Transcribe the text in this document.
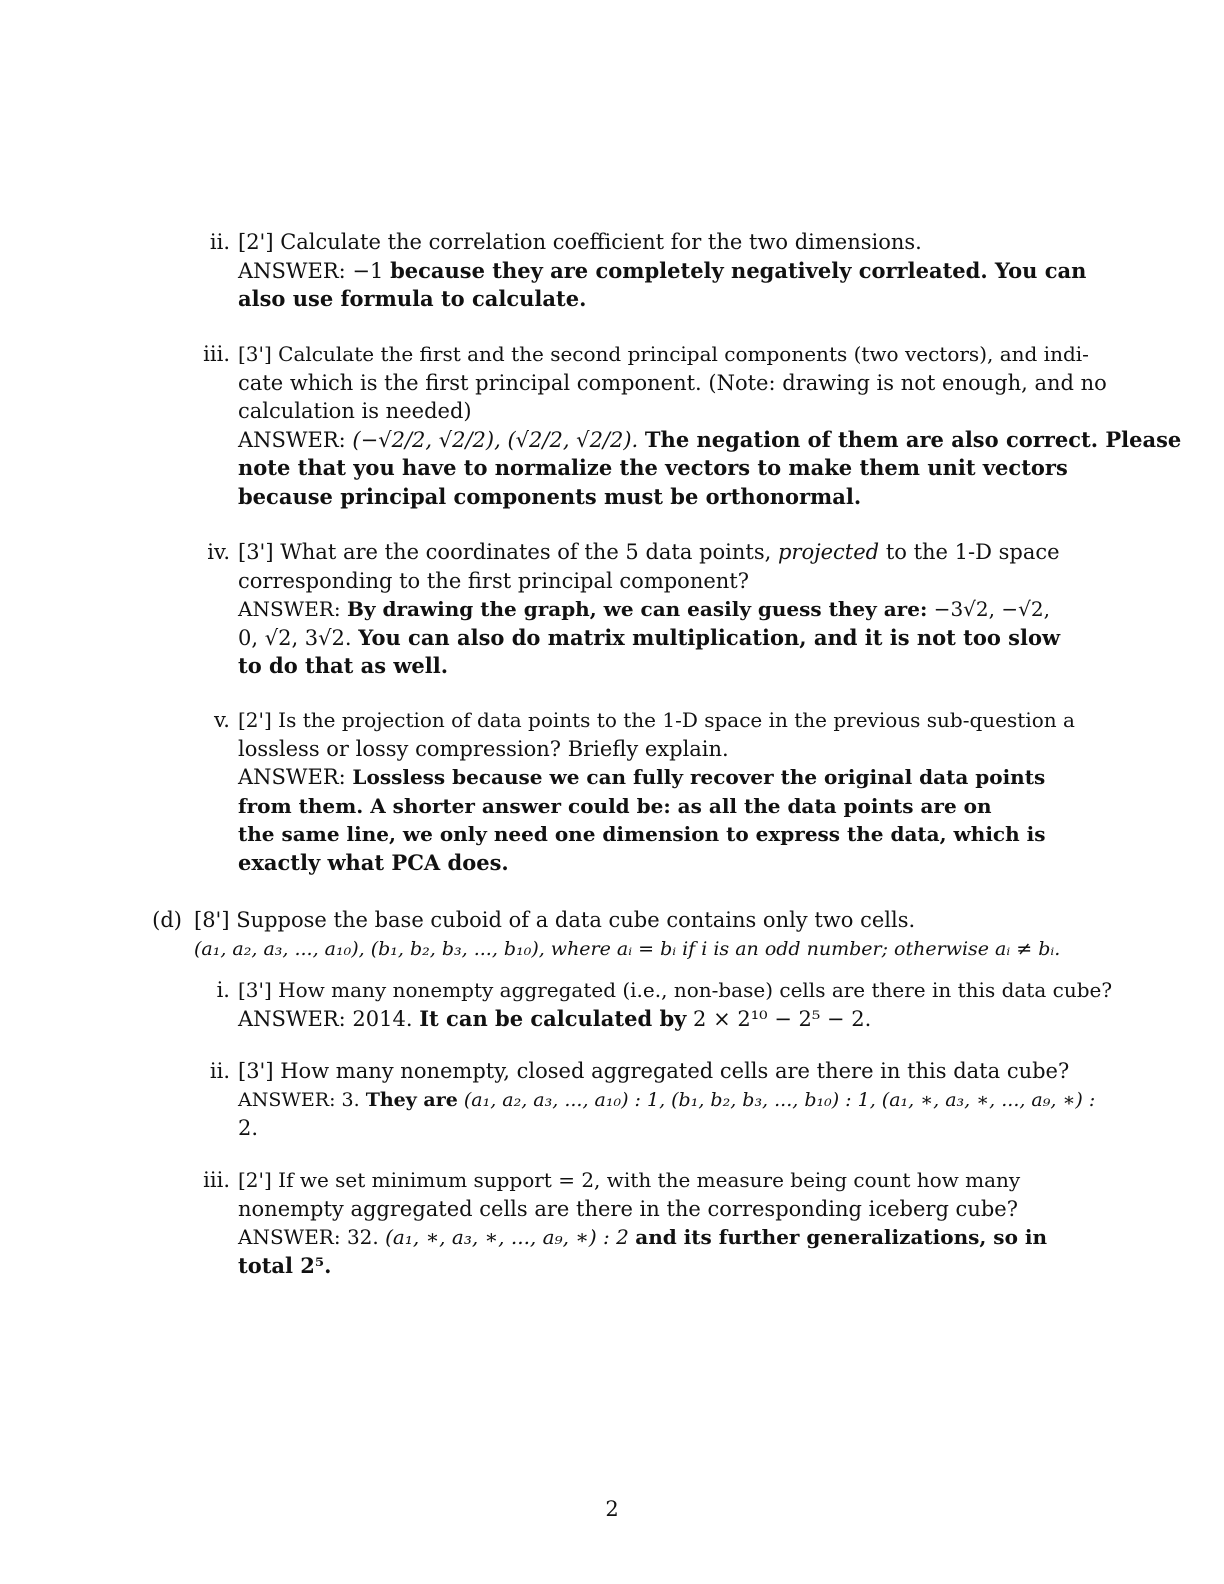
ii. [2'] Calculate the correlation coefficient for the two dimensions.
ANSWER: −1 because they are completely negatively corrleated. You can
also use formula to calculate.
iii. [3'] Calculate the first and the second principal components (two vectors), and indi-
cate which is the first principal component. (Note: drawing is not enough, and no
calculation is needed)
ANSWER: (−√2/2, √2/2), (√2/2, √2/2). The negation of them are also correct. Please
note that you have to normalize the vectors to make them unit vectors
because principal components must be orthonormal.
iv. [3'] What are the coordinates of the 5 data points, projected to the 1-D space
corresponding to the first principal component?
ANSWER: By drawing the graph, we can easily guess they are: −3√2, −√2,
0, √2, 3√2. You can also do matrix multiplication, and it is not too slow
to do that as well.
v. [2'] Is the projection of data points to the 1-D space in the previous sub-question a
lossless or lossy compression? Briefly explain.
ANSWER: Lossless because we can fully recover the original data points
from them. A shorter answer could be: as all the data points are on
the same line, we only need one dimension to express the data, which is
exactly what PCA does.
(d) [8'] Suppose the base cuboid of a data cube contains only two cells.
(a₁, a₂, a₃, ..., a₁₀), (b₁, b₂, b₃, ..., b₁₀), where aᵢ = bᵢ if i is an odd number; otherwise aᵢ ≠ bᵢ.
i. [3'] How many nonempty aggregated (i.e., non-base) cells are there in this data cube?
ANSWER: 2014. It can be calculated by 2 × 2¹⁰ − 2⁵ − 2.
ii. [3'] How many nonempty, closed aggregated cells are there in this data cube?
ANSWER: 3. They are (a₁, a₂, a₃, ..., a₁₀) : 1, (b₁, b₂, b₃, ..., b₁₀) : 1, (a₁, ∗, a₃, ∗, ..., a₉, ∗) :
2.
iii. [2'] If we set minimum support = 2, with the measure being count how many
nonempty aggregated cells are there in the corresponding iceberg cube?
ANSWER: 32. (a₁, ∗, a₃, ∗, ..., a₉, ∗) : 2 and its further generalizations, so in
total 2⁵.
2
